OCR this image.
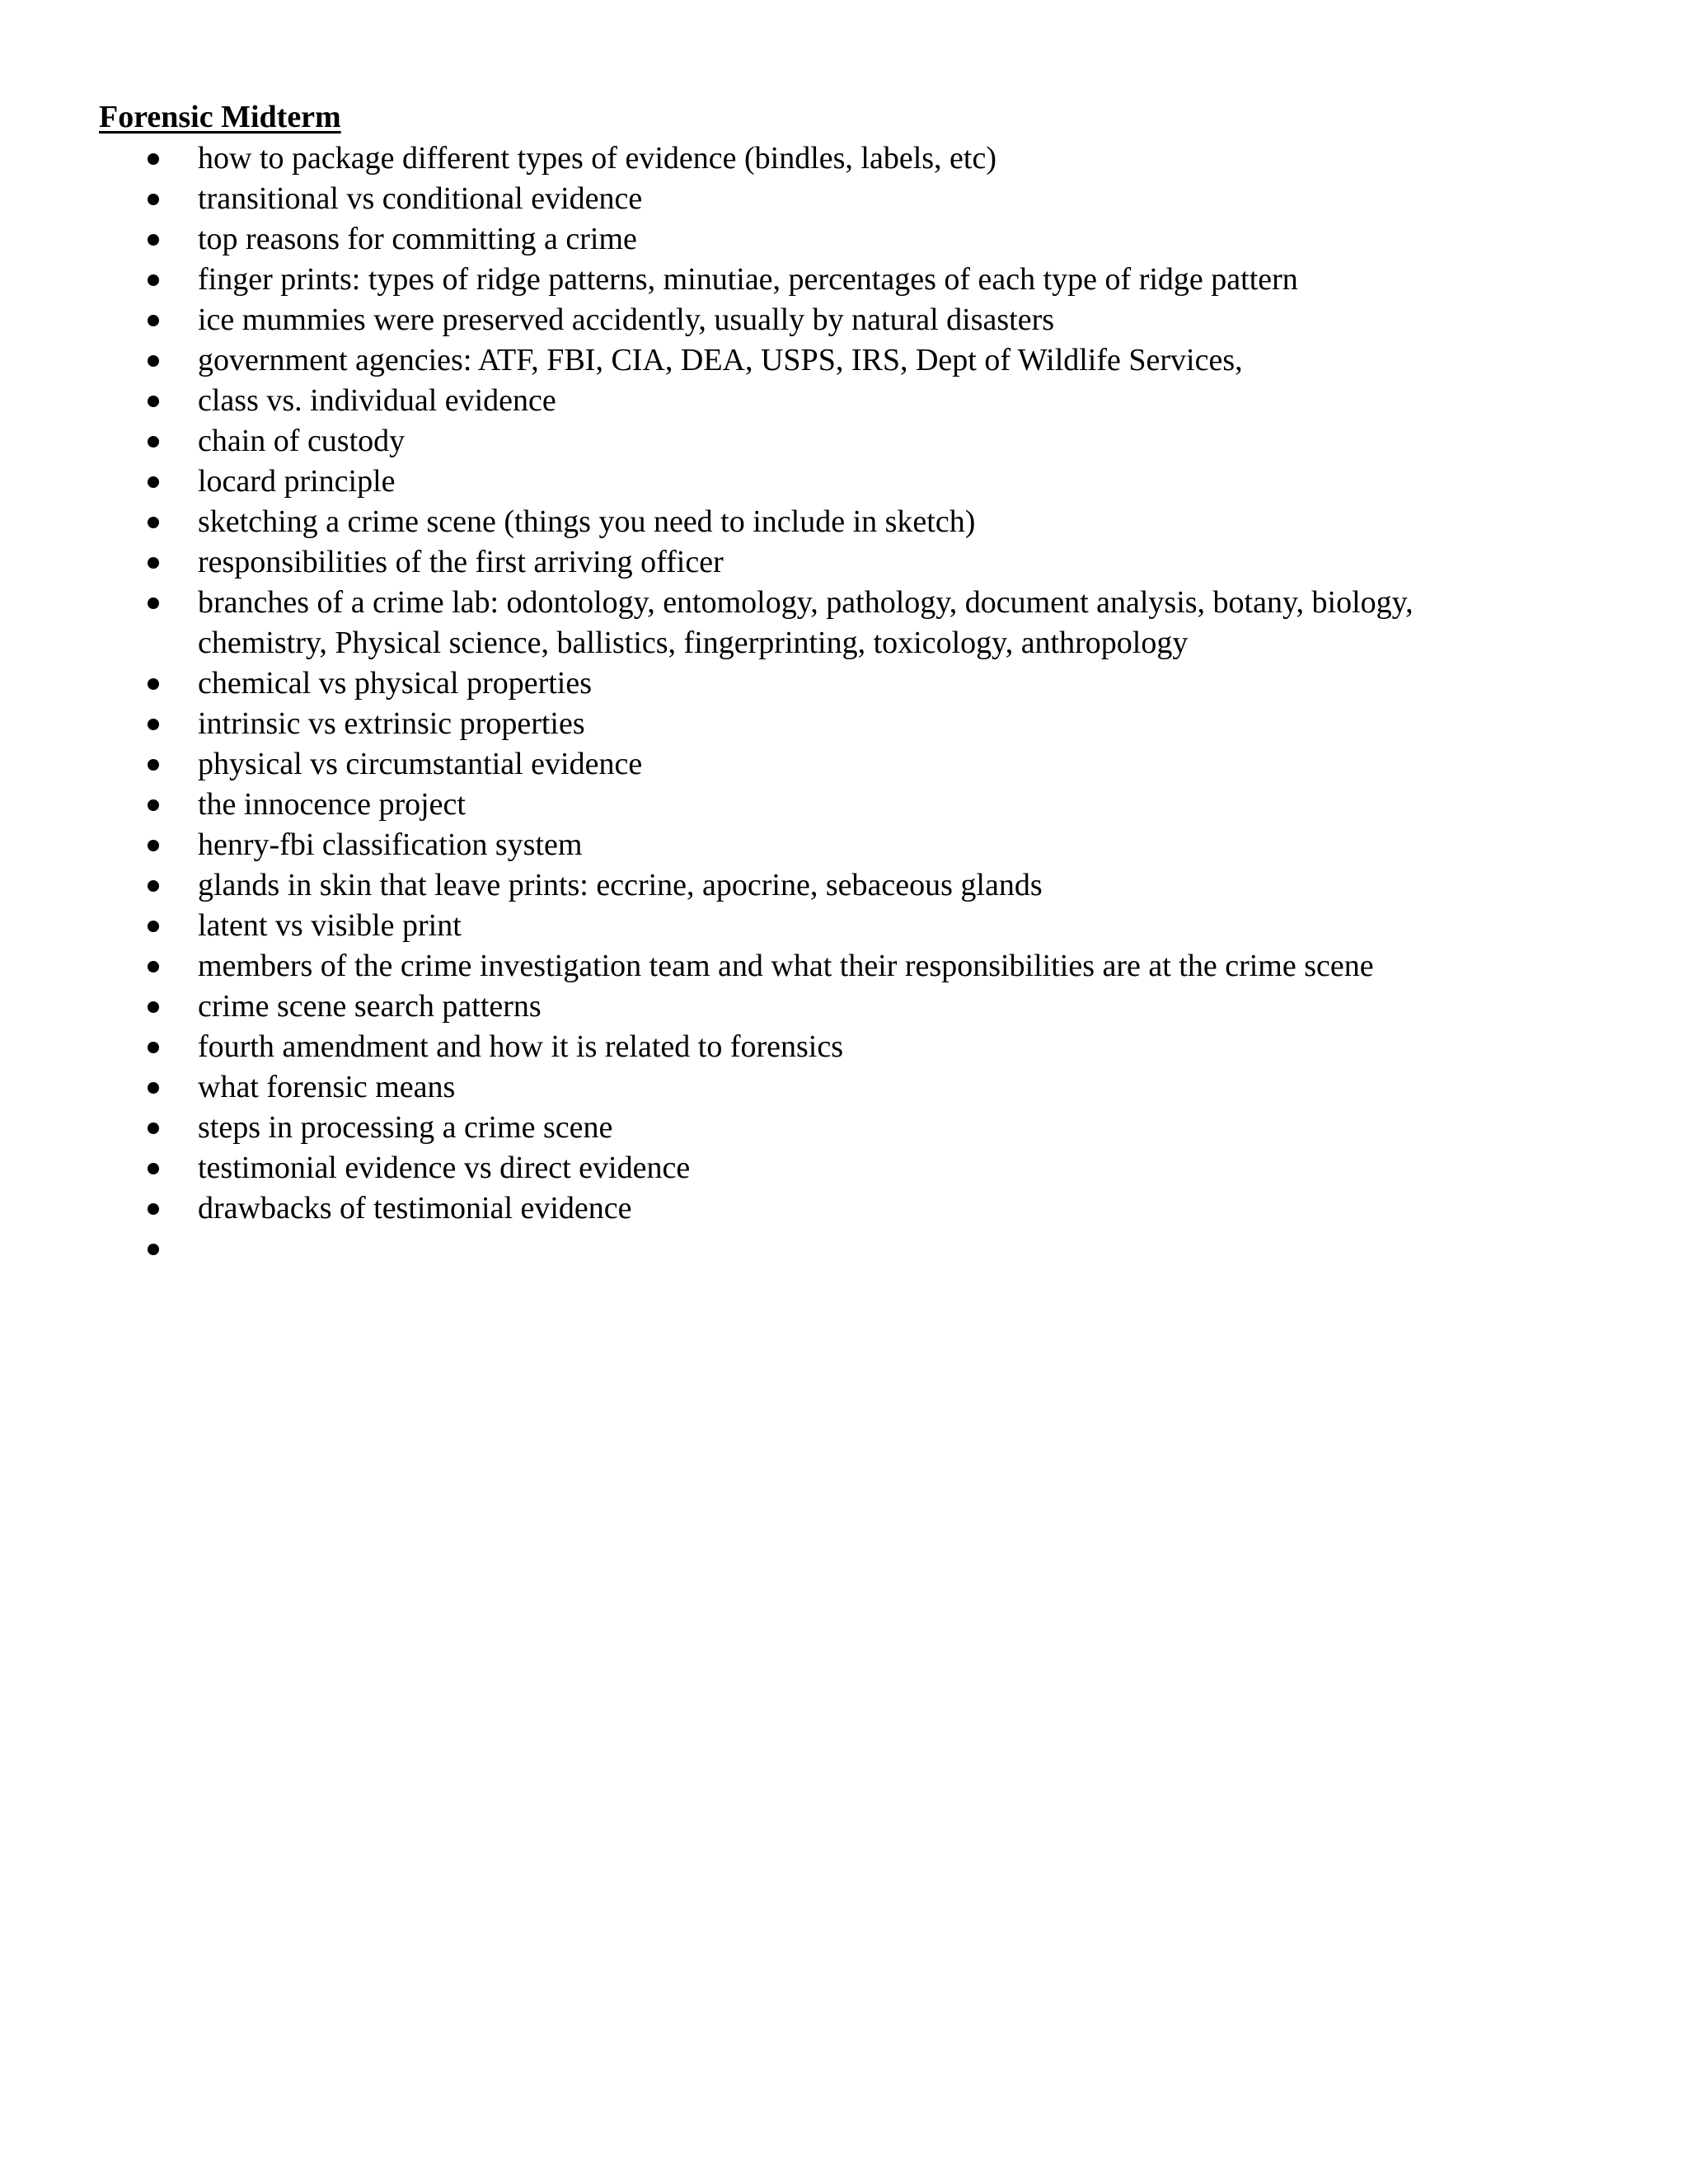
Forensic Midterm
how to package different types of evidence (bindles, labels, etc)
transitional vs conditional evidence
top reasons for committing a crime
finger prints: types of ridge patterns, minutiae, percentages of each type of ridge pattern
ice mummies were preserved accidently, usually by natural disasters
government agencies: ATF, FBI, CIA, DEA, USPS, IRS, Dept of Wildlife Services,
class vs. individual evidence
chain of custody
locard principle
sketching a crime scene (things you need to include in sketch)
responsibilities of the first arriving officer
branches of a crime lab: odontology, entomology, pathology, document analysis, botany, biology, chemistry, Physical science, ballistics, fingerprinting, toxicology, anthropology
chemical vs physical properties
intrinsic vs extrinsic properties
physical vs circumstantial evidence
the innocence project
henry-fbi classification system
glands in skin that leave prints: eccrine, apocrine, sebaceous glands
latent vs visible print
members of the crime investigation team and what their responsibilities are at the crime scene
crime scene search patterns
fourth amendment and how it is related to forensics
what forensic means
steps in processing a crime scene
testimonial evidence vs direct evidence
drawbacks of testimonial evidence
